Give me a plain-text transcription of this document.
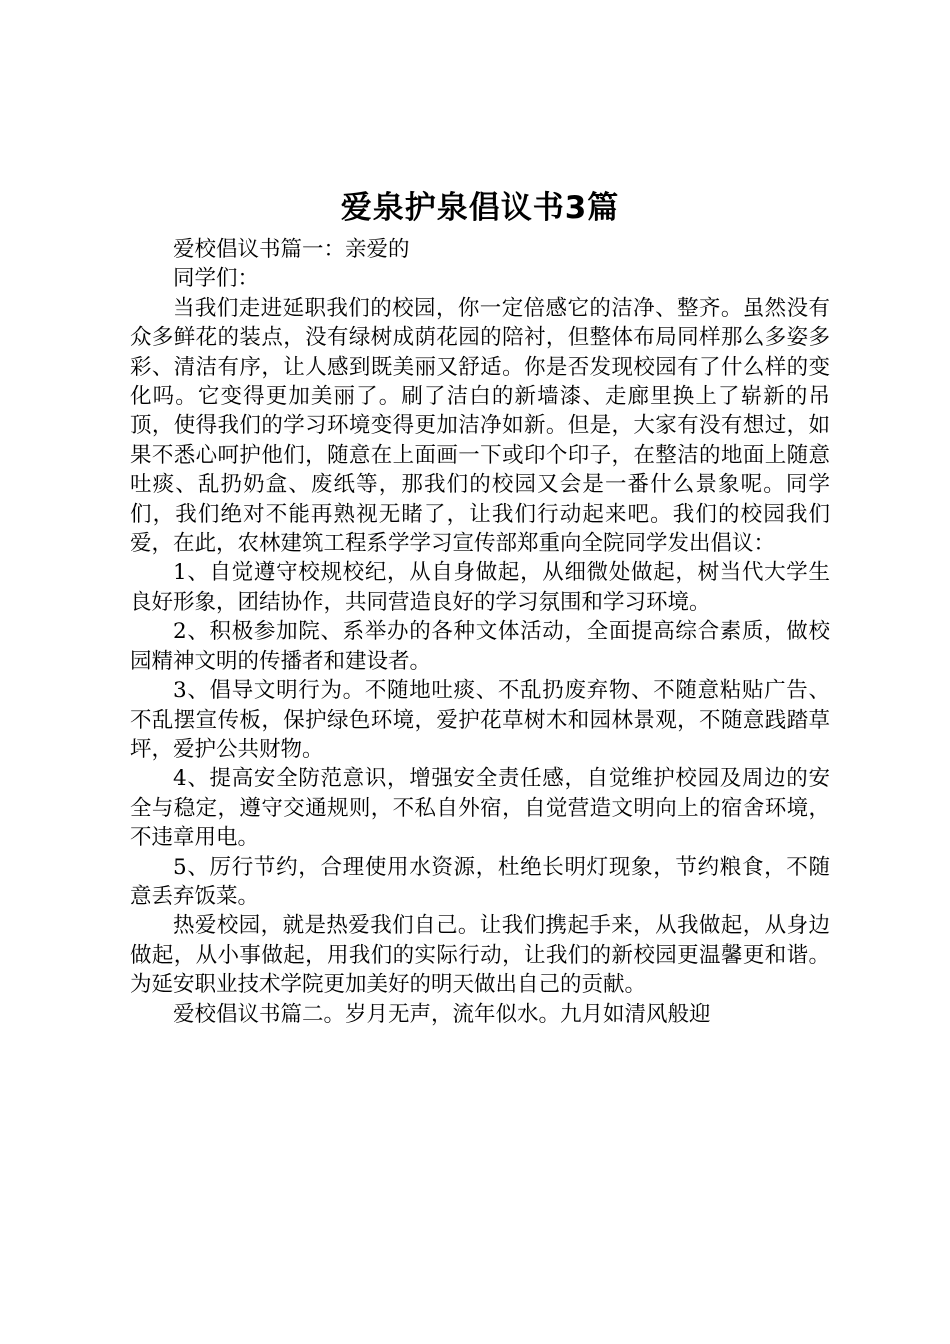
爱泉护泉倡议书3篇

爱校倡议书篇一：亲爱的

同学们：

当我们走进延职我们的校园，你一定倍感它的洁净、整齐。虽然没有众多鲜花的装点，没有绿树成荫花园的陪衬，但整体布局同样那么多姿多彩、清洁有序，让人感到既美丽又舒适。你是否发现校园有了什么样的变化吗。它变得更加美丽了。刷了洁白的新墙漆、走廊里换上了崭新的吊顶，使得我们的学习环境变得更加洁净如新。但是，大家有没有想过，如果不悉心呵护他们，随意在上面画一下或印个印子，在整洁的地面上随意吐痰、乱扔奶盒、废纸等，那我们的校园又会是一番什么景象呢。同学们，我们绝对不能再熟视无睹了，让我们行动起来吧。我们的校园我们爱，在此，农林建筑工程系学学习宣传部郑重向全院同学发出倡议：

1、自觉遵守校规校纪，从自身做起，从细微处做起，树当代大学生良好形象，团结协作，共同营造良好的学习氛围和学习环境。

2、积极参加院、系举办的各种文体活动，全面提高综合素质，做校园精神文明的传播者和建设者。

3、倡导文明行为。不随地吐痰、不乱扔废弃物、不随意粘贴广告、不乱摆宣传板，保护绿色环境，爱护花草树木和园林景观，不随意践踏草坪，爱护公共财物。

4、提高安全防范意识，增强安全责任感，自觉维护校园及周边的安全与稳定，遵守交通规则，不私自外宿，自觉营造文明向上的宿舍环境，不违章用电。

5、厉行节约，合理使用水资源，杜绝长明灯现象，节约粮食，不随意丢弃饭菜。

热爱校园，就是热爱我们自己。让我们携起手来，从我做起，从身边做起，从小事做起，用我们的实际行动，让我们的新校园更温馨更和谐。为延安职业技术学院更加美好的明天做出自己的贡献。

爱校倡议书篇二。岁月无声，流年似水。九月如清风般迎
